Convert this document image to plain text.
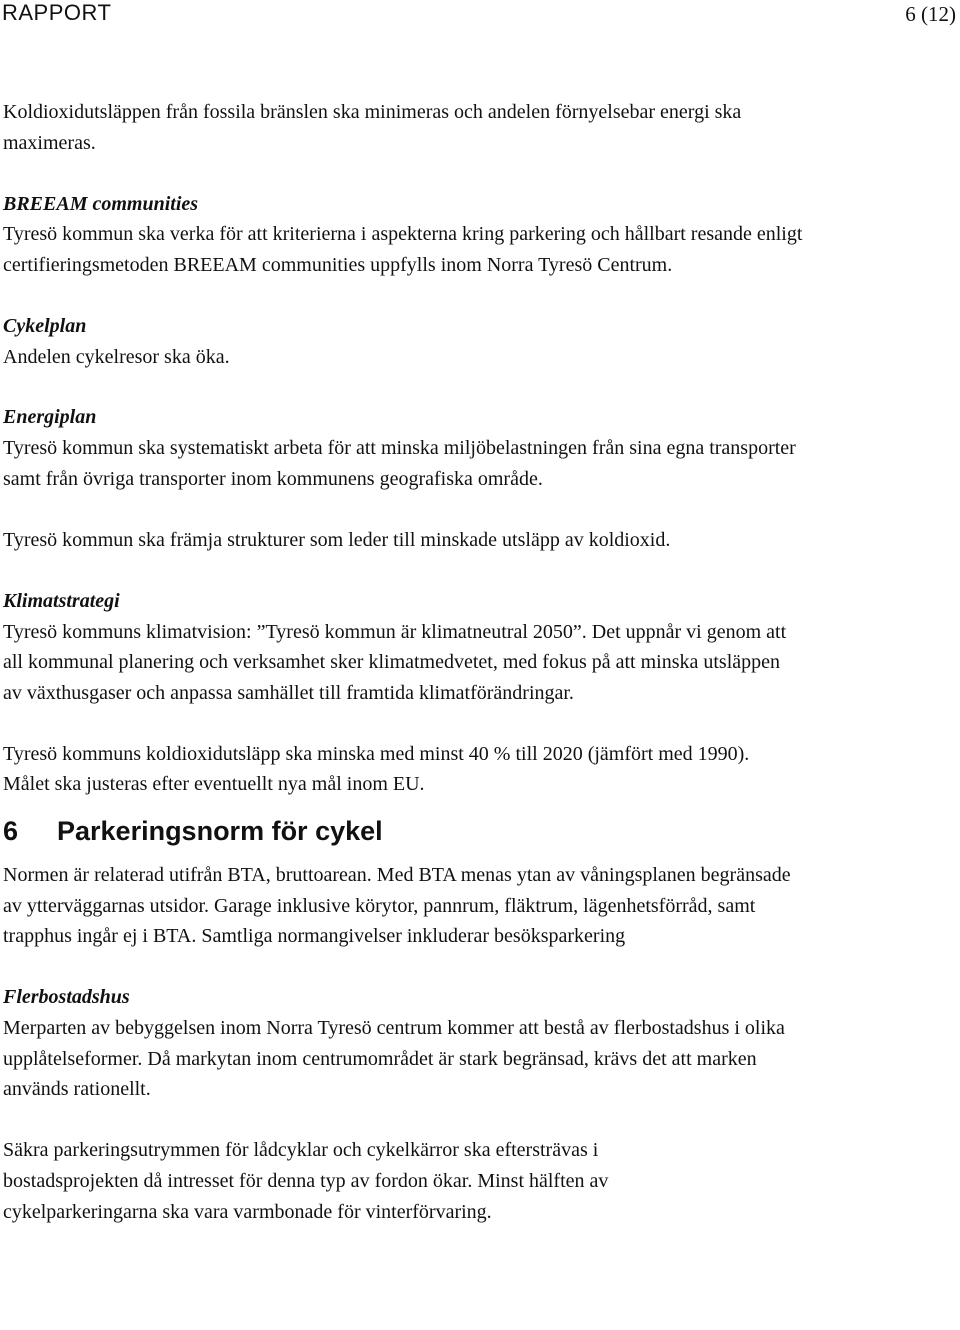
RAPPORT	6 (12)

Koldioxidutsläppen från fossila bränslen ska minimeras och andelen förnyelsebar energi ska maximeras.

BREEAM communities

Tyresö kommun ska verka för att kriterierna i aspekterna kring parkering och hållbart resande enligt certifieringsmetoden BREEAM communities uppfylls inom Norra Tyresö Centrum.

Cykelplan

Andelen cykelresor ska öka.

Energiplan

Tyresö kommun ska systematiskt arbeta för att minska miljöbelastningen från sina egna transporter samt från övriga transporter inom kommunens geografiska område.

Tyresö kommun ska främja strukturer som leder till minskade utsläpp av koldioxid.

Klimatstrategi

Tyresö kommuns klimatvision: ”Tyresö kommun är klimatneutral 2050”. Det uppnår vi genom att all kommunal planering och verksamhet sker klimatmedvetet, med fokus på att minska utsläppen av växthusgaser och anpassa samhället till framtida klimatförändringar.

Tyresö kommuns koldioxidutsläpp ska minska med minst 40 % till 2020 (jämfört med 1990). Målet ska justeras efter eventuellt nya mål inom EU.

6 Parkeringsnorm för cykel

Normen är relaterad utifrån BTA, bruttoarean. Med BTA menas ytan av våningsplanen begränsade av ytterväggarnas utsidor. Garage inklusive körytor, pannrum, fläktrum, lägenhetsförråd, samt trapphus ingår ej i BTA. Samtliga normangivelser inkluderar besöksparkering

Flerbostadshus

Merparten av bebyggelsen inom Norra Tyresö centrum kommer att bestå av flerbostadshus i olika upplåtelseformer. Då markytan inom centrumområdet är stark begränsad, krävs det att marken används rationellt.

Säkra parkeringsutrymmen för lådcyklar och cykelkärror ska eftersträvas i bostadsprojekten då intresset för denna typ av fordon ökar. Minst hälften av cykelparkeringarna ska vara varmbonade för vinterförvaring.
